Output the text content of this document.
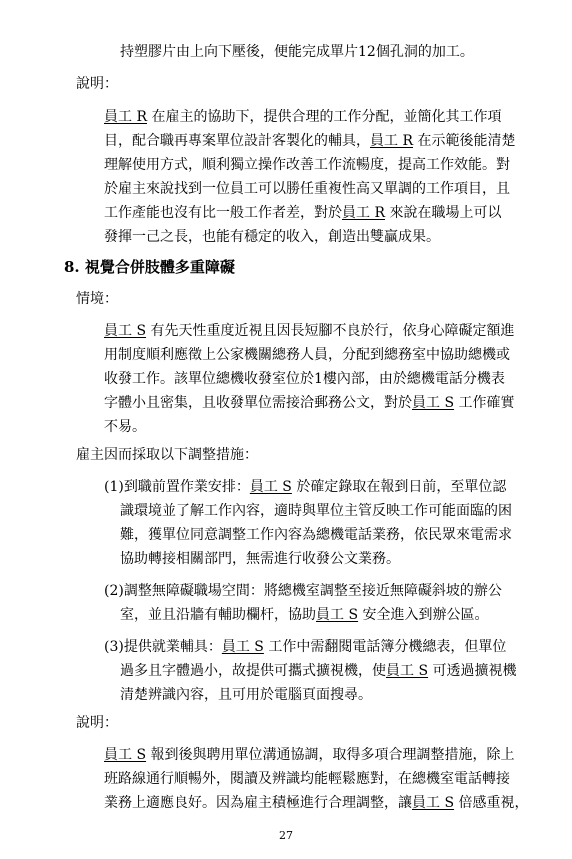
持塑膠片由上向下壓後，便能完成單片12個孔洞的加工。
說明：
員工 R 在雇主的協助下，提供合理的工作分配，並簡化其工作項
目，配合職再專案單位設計客製化的輔具，員工 R 在示範後能清楚
理解使用方式，順利獨立操作改善工作流暢度，提高工作效能。對
於雇主來說找到一位員工可以勝任重複性高又單調的工作項目，且
工作產能也沒有比一般工作者差，對於員工 R 來說在職場上可以
發揮一己之長，也能有穩定的收入，創造出雙贏成果。
8. 視覺合併肢體多重障礙
情境：
員工 S 有先天性重度近視且因長短腳不良於行，依身心障礙定額進
用制度順利應徵上公家機關總務人員，分配到總務室中協助總機或
收發工作。該單位總機收發室位於1樓內部，由於總機電話分機表
字體小且密集，且收發單位需接洽郵務公文，對於員工 S 工作確實
不易。
雇主因而採取以下調整措施：
(1)到職前置作業安排：員工 S 於確定錄取在報到日前，至單位認
識環境並了解工作內容，適時與單位主管反映工作可能面臨的困
難，獲單位同意調整工作內容為總機電話業務，依民眾來電需求
協助轉接相關部門，無需進行收發公文業務。
(2)調整無障礙職場空間：將總機室調整至接近無障礙斜坡的辦公
室，並且沿牆有輔助欄杆，協助員工 S 安全進入到辦公區。
(3)提供就業輔具：員工 S 工作中需翻閱電話簿分機總表，但單位
過多且字體過小，故提供可攜式擴視機，使員工 S 可透過擴視機
清楚辨識內容，且可用於電腦頁面搜尋。
說明：
員工 S 報到後與聘用單位溝通協調，取得多項合理調整措施，除上
班路線通行順暢外，閱讀及辨識均能輕鬆應對，在總機室電話轉接
業務上適應良好。因為雇主積極進行合理調整，讓員工 S 倍感重視，
27
